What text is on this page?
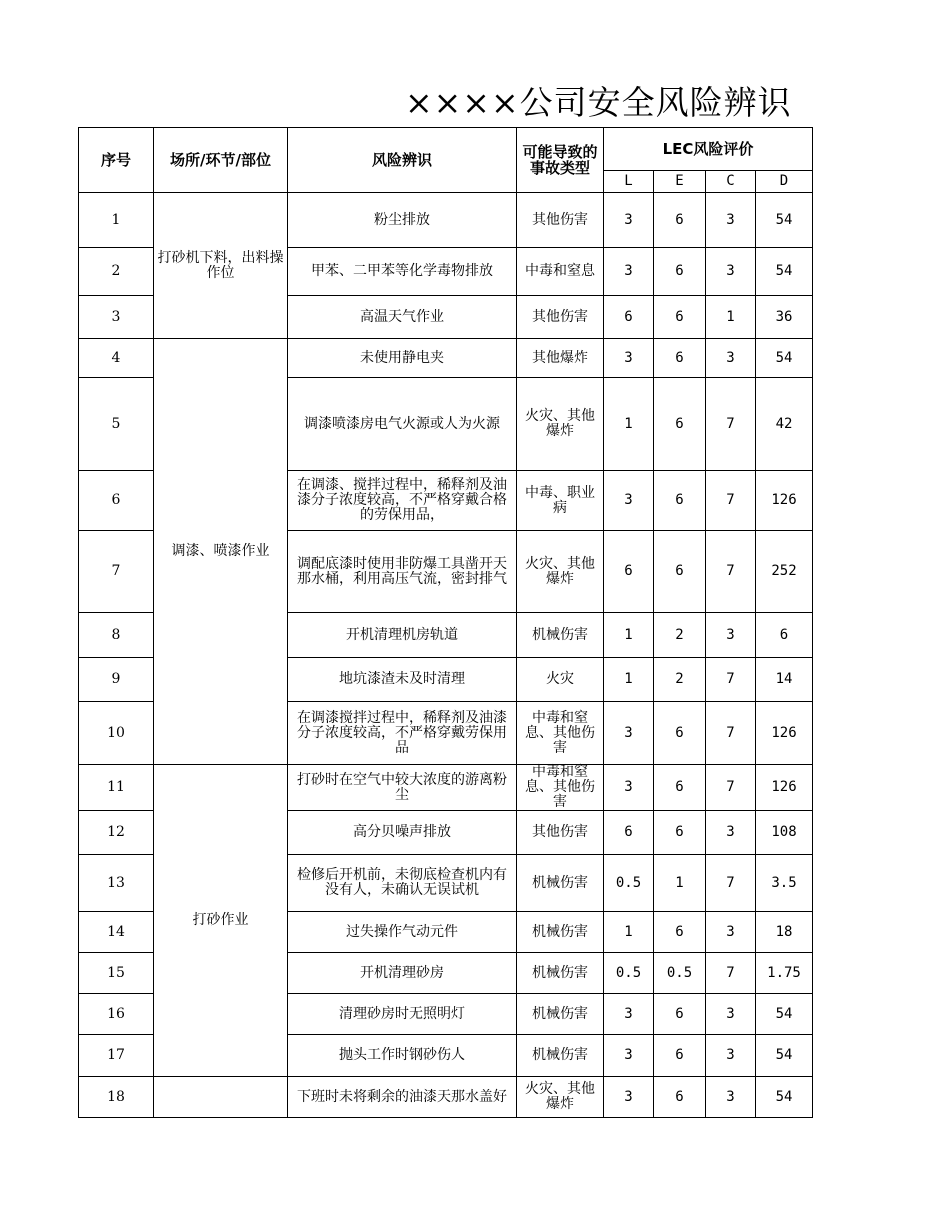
××××公司安全风险辨识
序号	场所/环节/部位	风险辨识	可能导致的事故类型	LEC风险评价			
				L	E	C	D
1	打砂机下料，出料操作位	粉尘排放	其他伤害	3	6	3	54
2		甲苯、二甲苯等化学毒物排放	中毒和窒息	3	6	3	54
3		高温天气作业	其他伤害	6	6	1	36
4	调漆、喷漆作业	未使用静电夹	其他爆炸	3	6	3	54
5		调漆喷漆房电气火源或人为火源	火灾、其他爆炸	1	6	7	42
6		在调漆、搅拌过程中，稀释剂及油漆分子浓度较高，不严格穿戴合格的劳保用品，	中毒、职业病	3	6	7	126
7		调配底漆时使用非防爆工具凿开天那水桶，利用高压气流，密封排气	火灾、其他爆炸	6	6	7	252
8		开机清理机房轨道	机械伤害	1	2	3	6
9		地坑漆渣未及时清理	火灾	1	2	7	14
10		在调漆搅拌过程中，稀释剂及油漆分子浓度较高，不严格穿戴劳保用品	中毒和窒息、其他伤害	3	6	7	126
11	打砂作业	打砂时在空气中较大浓度的游离粉尘	中毒和窒息、其他伤害	3	6	7	126
12		高分贝噪声排放	其他伤害	6	6	3	108
13		检修后开机前，未彻底检查机内有没有人，未确认无误试机	机械伤害	0.5	1	7	3.5
14		过失操作气动元件	机械伤害	1	6	3	18
15		开机清理砂房	机械伤害	0.5	0.5	7	1.75
16		清理砂房时无照明灯	机械伤害	3	6	3	54
17		抛头工作时钢砂伤人	机械伤害	3	6	3	54
18		下班时未将剩余的油漆天那水盖好	火灾、其他爆炸	3	6	3	54
